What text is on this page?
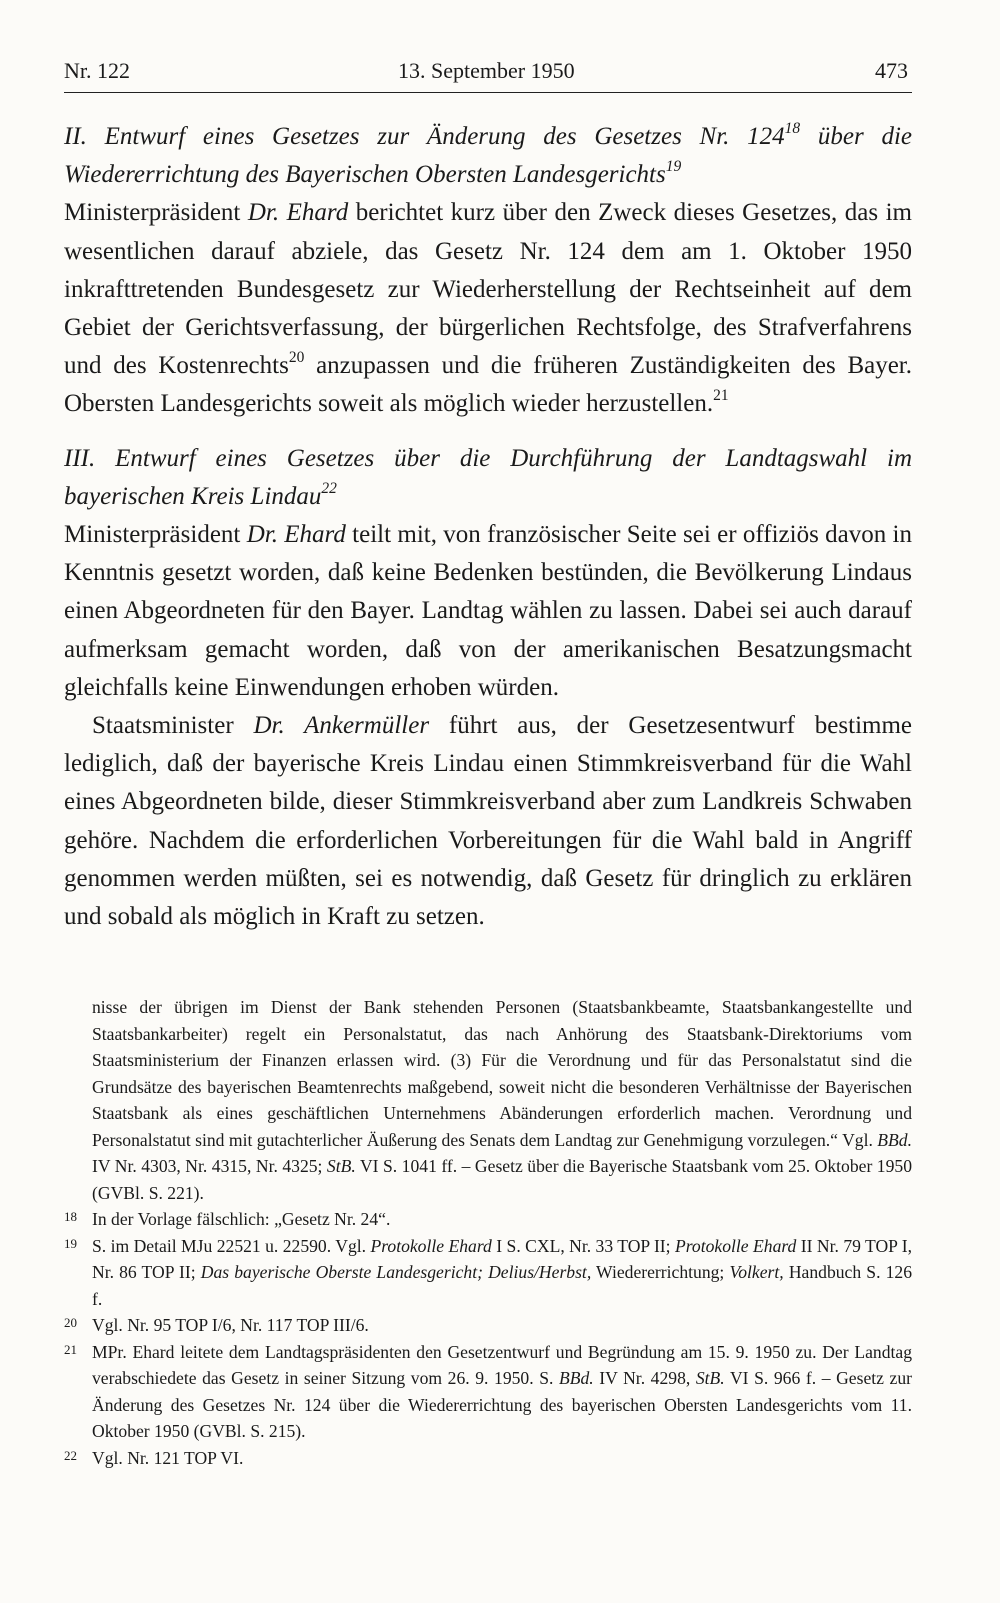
Nr. 122	13. September 1950	473

II. Entwurf eines Gesetzes zur Änderung des Gesetzes Nr. $124^{18}$ über die Wiedererrichtung des Bayerischen Obersten Landesgerichts$^{19}$

Ministerpräsident Dr. Ehard berichtet kurz über den Zweck dieses Gesetzes, das im wesentlichen darauf abziele, das Gesetz Nr. 124 dem am 1. Oktober 1950 inkrafttretenden Bundesgesetz zur Wiederherstellung der Rechtseinheit auf dem Gebiet der Gerichtsverfassung, der bürgerlichen Rechtsfolge, des Strafverfahrens und des Kostenrechts$^{20}$ anzupassen und die früheren Zuständigkeiten des Bayer. Obersten Landesgerichts soweit als möglich wieder herzustellen.$^{21}$

III. Entwurf eines Gesetzes über die Durchführung der Landtagswahl im bayerischen Kreis Lindau$^{22}$

Ministerpräsident Dr. Ehard teilt mit, von französischer Seite sei er offiziös davon in Kenntnis gesetzt worden, daß keine Bedenken bestünden, die Bevölkerung Lindaus einen Abgeordneten für den Bayer. Landtag wählen zu lassen. Dabei sei auch darauf aufmerksam gemacht worden, daß von der amerikanischen Besatzungsmacht gleichfalls keine Einwendungen erhoben würden.

Staatsminister Dr. Ankermüller führt aus, der Gesetzesentwurf bestimme lediglich, daß der bayerische Kreis Lindau einen Stimmkreisverband für die Wahl eines Abgeordneten bilde, dieser Stimmkreisverband aber zum Landkreis Schwaben gehöre. Nachdem die erforderlichen Vorbereitungen für die Wahl bald in Angriff genommen werden müßten, sei es notwendig, daß Gesetz für dringlich zu erklären und sobald als möglich in Kraft zu setzen.

nisse der übrigen im Dienst der Bank stehenden Personen (Staatsbankbeamte, Staatsbankangestellte und Staatsbankarbeiter) regelt ein Personalstatut, das nach Anhörung des Staatsbank-Direktoriums vom Staatsministerium der Finanzen erlassen wird. (3) Für die Verordnung und für das Personalstatut sind die Grundsätze des bayerischen Beamtenrechts maßgebend, soweit nicht die besonderen Verhältnisse der Bayerischen Staatsbank als eines geschäftlichen Unternehmens Abänderungen erforderlich machen. Verordnung und Personalstatut sind mit gutachterlicher Äußerung des Senats dem Landtag zur Genehmigung vorzulegen.“ Vgl. BBd. IV Nr. 4303, Nr. 4315, Nr. 4325; StB. VI S. 1041 ff. – Gesetz über die Bayerische Staatsbank vom 25. Oktober 1950 (GVBl. S. 221).
18 In der Vorlage fälschlich: „Gesetz Nr. 24“.
19 S. im Detail MJu 22521 u. 22590. Vgl. Protokolle Ehard I S. CXL, Nr. 33 TOP II; Protokolle Ehard II Nr. 79 TOP I, Nr. 86 TOP II; Das bayerische Oberste Landesgericht; Delius/Herbst, Wiedererrichtung; Volkert, Handbuch S. 126 f.
20 Vgl. Nr. 95 TOP I/6, Nr. 117 TOP III/6.
21 MPr. Ehard leitete dem Landtagspräsidenten den Gesetzentwurf und Begründung am 15. 9. 1950 zu. Der Landtag verabschiedete das Gesetz in seiner Sitzung vom 26. 9. 1950. S. BBd. IV Nr. 4298, StB. VI S. 966 f. – Gesetz zur Änderung des Gesetzes Nr. 124 über die Wiedererrichtung des bayerischen Obersten Landesgerichts vom 11. Oktober 1950 (GVBl. S. 215).
22 Vgl. Nr. 121 TOP VI.
